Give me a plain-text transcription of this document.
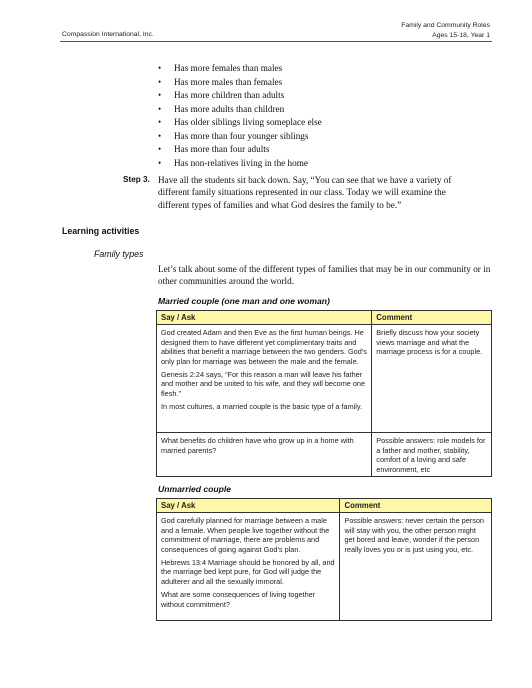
Compassion International, Inc.
Family and Community Roles
Ages 15-18, Year 1
• Has more females than males
• Has more males than females
• Has more children than adults
• Has more adults than children
• Has older siblings living someplace else
• Has more than four younger siblings
• Has more than four adults
• Has non-relatives living in the home
Step 3. Have all the students sit back down. Say, “You can see that we have a variety of different family situations represented in our class. Today we will examine the different types of families and what God desires the family to be.”
Learning activities
Family types
Let’s talk about some of the different types of families that may be in our community or in other communities around the world.
Married couple (one man and one woman)
Say / Ask	Comment

God created Adam and then Eve as the first human beings. He designed them to have different yet complimentary traits and abilities that benefit a marriage between the two genders. God’s only plan for marriage was between the male and the female.

Genesis 2:24 says, “For this reason a man will leave his father and mother and be united to his wife, and they will become one flesh.”

In most cultures, a married couple is the basic type of a family.	Briefly discuss how your society views marriage and what the marriage process is for a couple.

What benefits do children have who grow up in a home with married parents?	Possible answers: role models for a father and mother, stability, comfort of a loving and safe environment, etc
Unmarried couple
Say / Ask	Comment

God carefully planned for marriage between a male and a female. When people live together without the commitment of marriage, there are problems and consequences of going against God’s plan.

Hebrews 13:4 Marriage should be honored by all, and the marriage bed kept pure, for God will judge the adulterer and all the sexually immoral.

What are some consequences of living together without commitment?	Possible answers: never certain the person will stay with you, the other person might get bored and leave, wonder if the person really loves you or is just using you, etc.
